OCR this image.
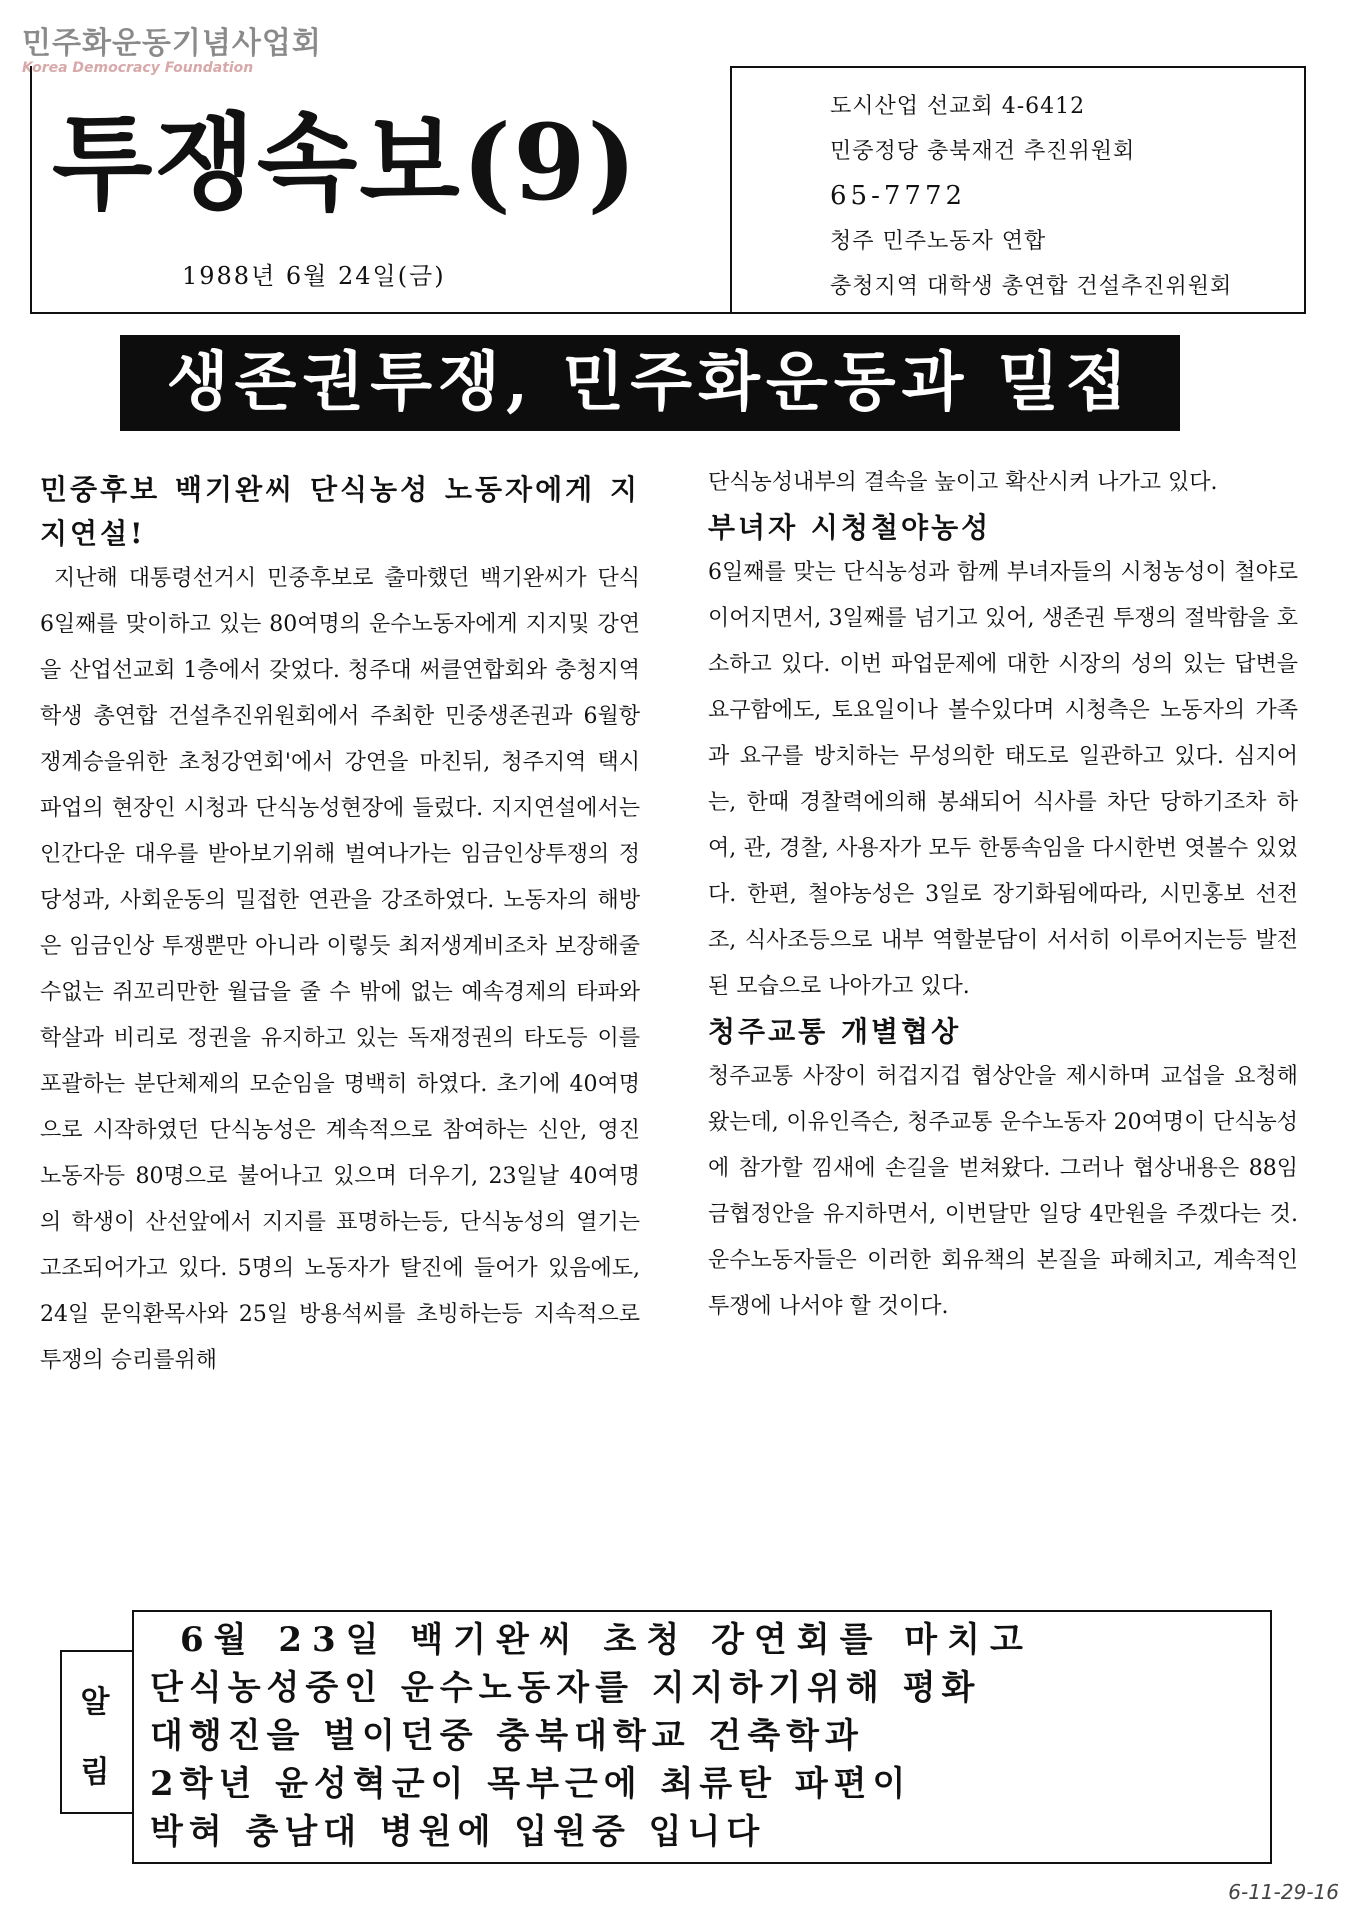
민주화운동기념사업회
Korea Democracy Foundation
투쟁속보(9)
1988년 6월 24일(금)
도시산업 선교회 4-6412
민중정당 충북재건 추진위원회
65-7772
청주 민주노동자 연합
충청지역 대학생 총연합 건설추진위원회
생존권투쟁, 민주화운동과 밀접

민중후보 백기완씨 단식농성 노동자에게 지지연설!

지난해 대통령선거시 민중후보로 출마했던 백기완씨가 단식 6일째를 맞이하고 있는 80여명의 운수노동자에게 지지및 강연을 산업선교회 1층에서 갖었다. 청주대 써클연합회와 충청지역학생 총연합 건설추진위원회에서 주최한 민중생존권과 6월항쟁계승을위한 초청강연회'에서 강연을 마친뒤, 청주지역 택시파업의 현장인 시청과 단식농성현장에 들렀다. 지지연설에서는 인간다운 대우를 받아보기위해 벌여나가는 임금인상투쟁의 정당성과, 사회운동의 밀접한 연관을 강조하였다. 노동자의 해방은 임금인상 투쟁뿐만 아니라 이렇듯 최저생계비조차 보장해줄수없는 쥐꼬리만한 월급을 줄 수 밖에 없는 예속경제의 타파와 학살과 비리로 정권을 유지하고 있는 독재정권의 타도등 이를 포괄하는 분단체제의 모순임을 명백히 하였다. 초기에 40여명으로 시작하였던 단식농성은 계속적으로 참여하는 신안, 영진노동자등 80명으로 불어나고 있으며 더우기, 23일날 40여명의 학생이 산선앞에서 지지를 표명하는등, 단식농성의 열기는 고조되어가고 있다. 5명의 노동자가 탈진에 들어가 있음에도, 24일 문익환목사와 25일 방용석씨를 초빙하는등 지속적으로 투쟁의 승리를위해

단식농성내부의 결속을 높이고 확산시켜 나가고 있다.

부녀자 시청철야농성

6일째를 맞는 단식농성과 함께 부녀자들의 시청농성이 철야로 이어지면서, 3일째를 넘기고 있어, 생존권 투쟁의 절박함을 호소하고 있다. 이번 파업문제에 대한 시장의 성의 있는 답변을 요구함에도, 토요일이나 볼수있다며 시청측은 노동자의 가족과 요구를 방치하는 무성의한 태도로 일관하고 있다. 심지어는, 한때 경찰력에의해 봉쇄되어 식사를 차단 당하기조차 하여, 관, 경찰, 사용자가 모두 한통속임을 다시한번 엿볼수 있었다. 한편, 철야농성은 3일로 장기화됨에따라, 시민홍보 선전조, 식사조등으로 내부 역할분담이 서서히 이루어지는등 발전된 모습으로 나아가고 있다.

청주교통 개별협상

청주교통 사장이 허겁지겁 협상안을 제시하며 교섭을 요청해왔는데, 이유인즉슨, 청주교통 운수노동자 20여명이 단식농성에 참가할 낌새에 손길을 벋쳐왔다. 그러나 협상내용은 88임금협정안을 유지하면서, 이번달만 일당 4만원을 주겠다는 것. 운수노동자들은 이러한 회유책의 본질을 파헤치고, 계속적인 투쟁에 나서야 할 것이다.

알림
6월 23일 백기완씨 초청 강연회를 마치고
단식농성중인 운수노동자를 지지하기위해 평화
대행진을 벌이던중 충북대학교 건축학과
2학년 윤성혁군이 목부근에 최류탄 파편이
박혀 충남대 병원에 입원중 입니다
6-11-29-16
